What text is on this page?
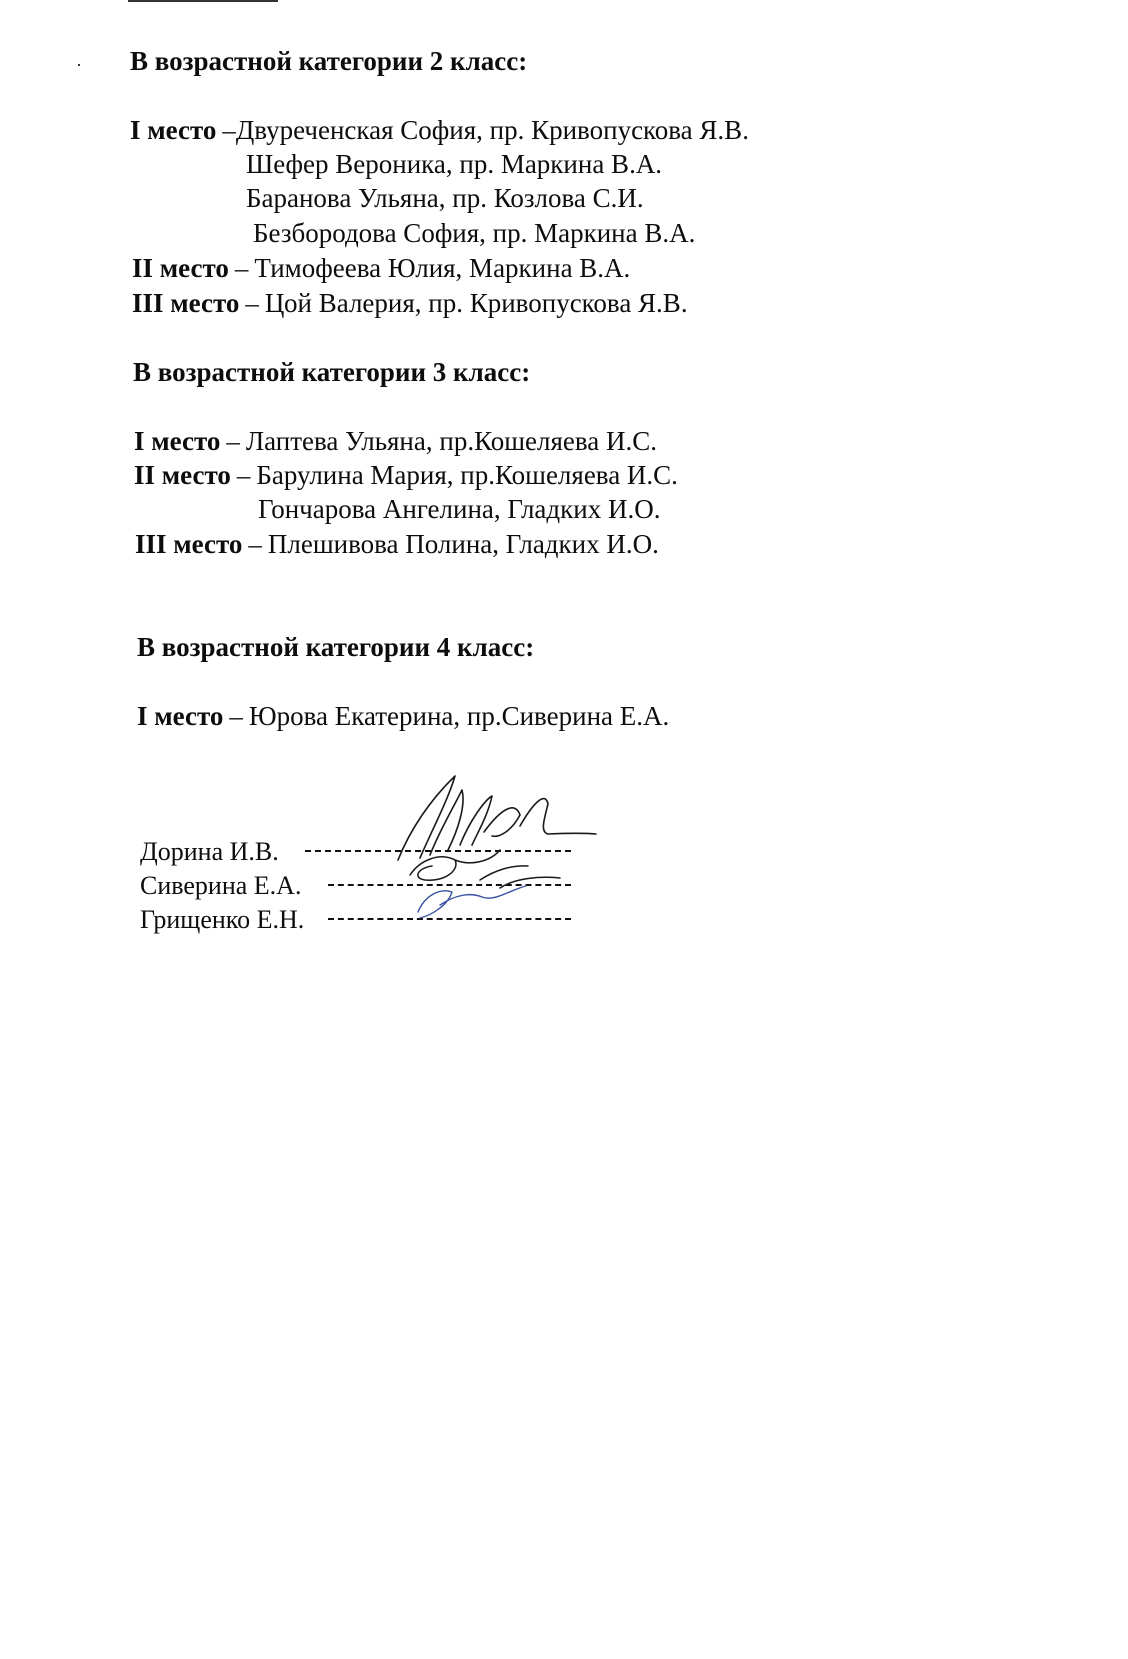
В возрастной категории 2 класс:
I место –Двуреченская София, пр. Кривопускова Я.В.
Шефер Вероника, пр. Маркина В.А.
Баранова Ульяна, пр. Козлова С.И.
Безбородова София, пр. Маркина В.А.
II место – Тимофеева Юлия, Маркина В.А.
III место – Цой Валерия, пр. Кривопускова Я.В.
В возрастной категории 3 класс:
I место – Лаптева Ульяна, пр.Кошеляева И.С.
II место – Барулина Мария, пр.Кошеляева И.С.
Гончарова Ангелина, Гладких И.О.
III место – Плешивова Полина, Гладких И.О.
В возрастной категории 4 класс:
I место – Юрова Екатерина, пр.Сиверина Е.А.
Дорина И.В.
Сиверина Е.А.
Грищенко Е.Н.
